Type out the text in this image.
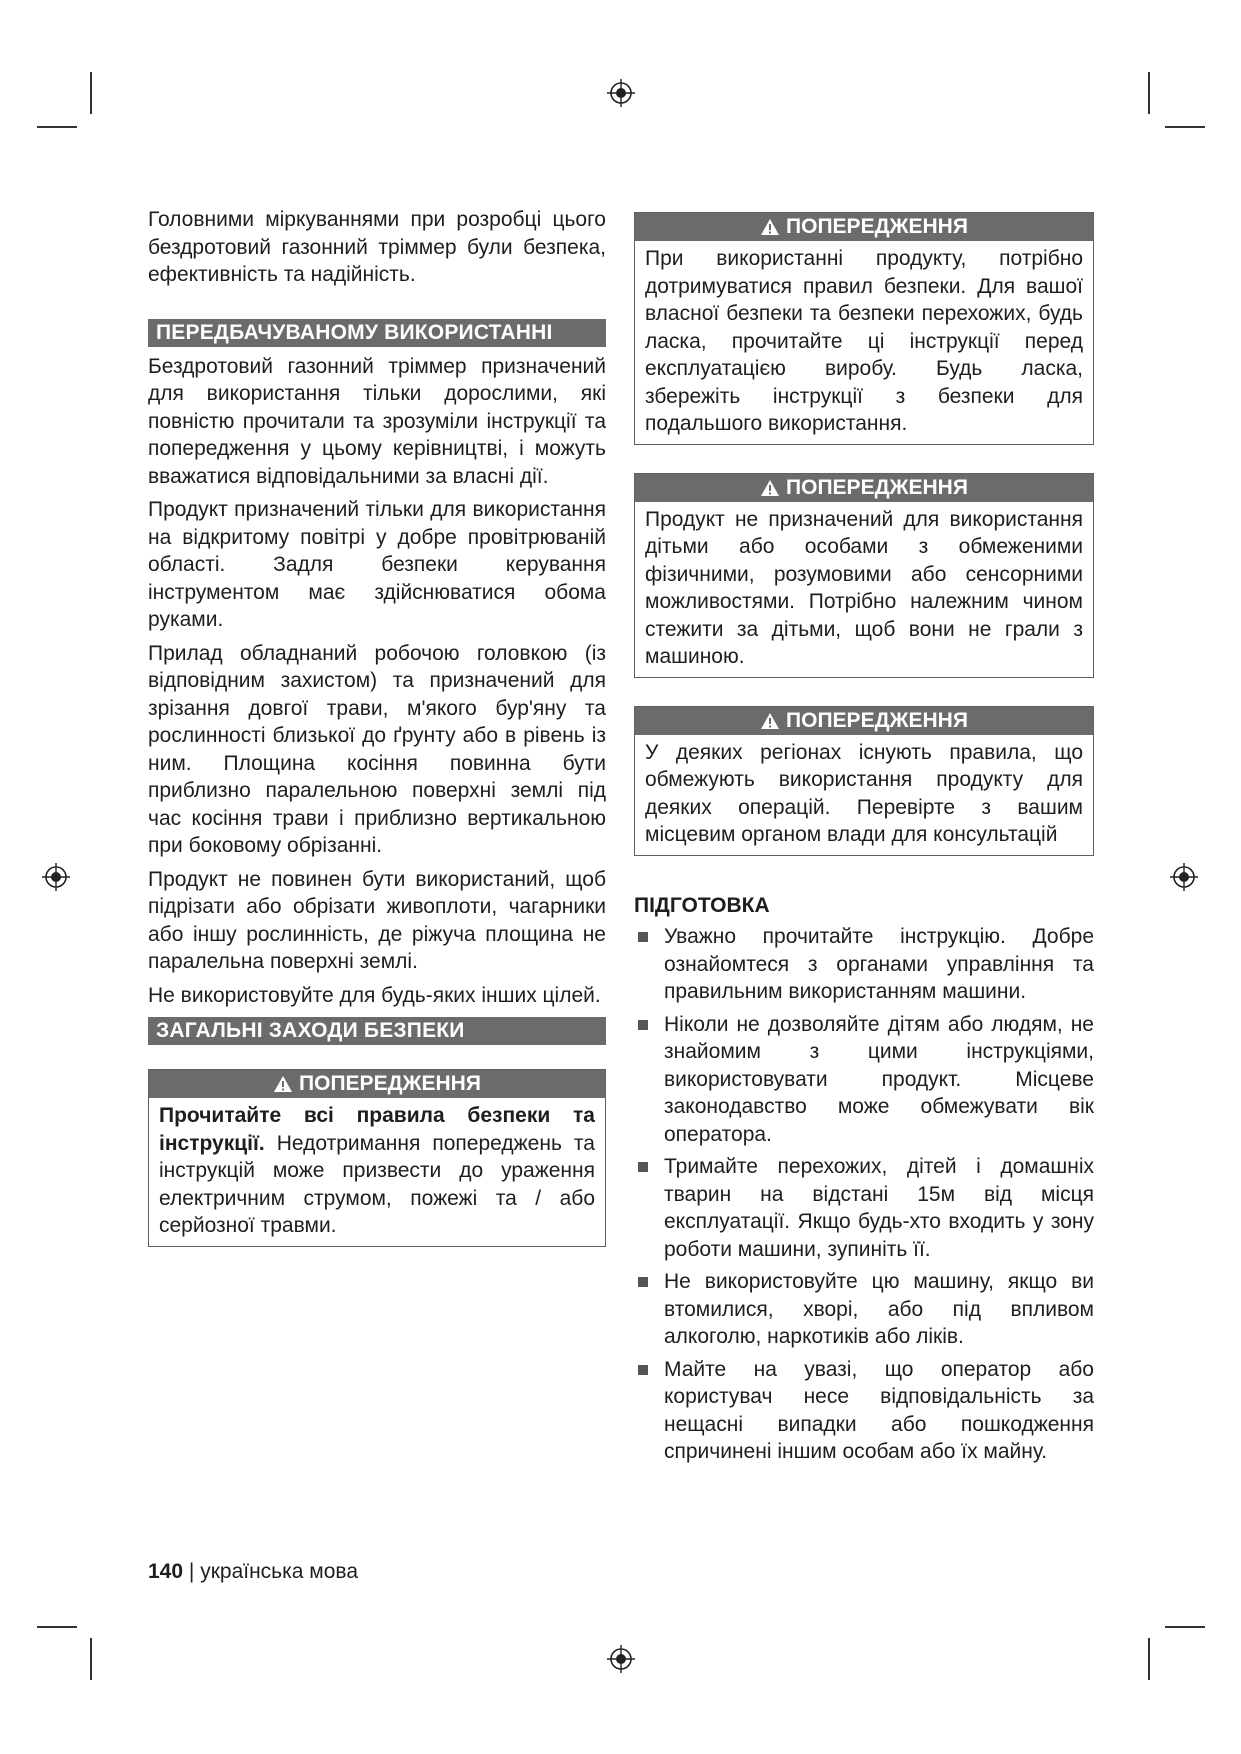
Головними міркуваннями при розробці цього бездротовий газонний тріммер були безпека, ефективність та надійність.

ПЕРЕДБАЧУВАНОМУ ВИКОРИСТАННІ

Бездротовий газонний тріммер призначений для використання тільки дорослими, які повністю прочитали та зрозуміли інструкції та попередження у цьому керівництві, і можуть вважатися відповідальними за власні дії.

Продукт призначений тільки для використання на відкритому повітрі у добре провітрюваній області. Задля безпеки керування інструментом має здійснюватися обома руками.

Прилад обладнаний робочою головкою (із відповідним захистом) та призначений для зрізання довгої трави, м'якого бур'яну та рослинності близької до ґрунту або в рівень із ним. Площина косіння повинна бути приблизно паралельною поверхні землі під час косіння трави і приблизно вертикальною при боковому обрізанні.

Продукт не повинен бути використаний, щоб підрізати або обрізати живоплоти, чагарники або іншу рослинність, де ріжуча площина не паралельна поверхні землі.

Не використовуйте для будь-яких інших цілей.

ЗАГАЛЬНІ ЗАХОДИ БЕЗПЕКИ
ПОПЕРЕДЖЕННЯ
Прочитайте всі правила безпеки та інструкції. Недотримання попереджень та інструкцій може призвести до ураження електричним струмом, пожежі та / або серйозної травми.
ПОПЕРЕДЖЕННЯ
При використанні продукту, потрібно дотримуватися правил безпеки. Для вашої власної безпеки та безпеки перехожих, будь ласка, прочитайте ці інструкції перед експлуатацією виробу. Будь ласка, збережіть інструкції з безпеки для подальшого використання.
ПОПЕРЕДЖЕННЯ
Продукт не призначений для використання дітьми або особами з обмеженими фізичними, розумовими або сенсорними можливостями. Потрібно належним чином стежити за дітьми, щоб вони не грали з машиною.
ПОПЕРЕДЖЕННЯ
У деяких регіонах існують правила, що обмежують використання продукту для деяких операцій. Перевірте з вашим місцевим органом влади для консультацій
ПІДГОТОВКА
Уважно прочитайте інструкцію. Добре ознайомтеся з органами управління та правильним використанням машини.
Ніколи не дозволяйте дітям або людям, не знайомим з цими інструкціями, використовувати продукт. Місцеве законодавство може обмежувати вік оператора.
Тримайте перехожих, дітей і домашніх тварин на відстані 15м від місця експлуатації. Якщо будь-хто входить у зону роботи машини, зупиніть її.
Не використовуйте цю машину, якщо ви втомилися, хворі, або під впливом алкоголю, наркотиків або ліків.
Майте на увазі, що оператор або користувач несе відповідальність за нещасні випадки або пошкодження спричинені іншим особам або їх майну.
140 | українська мова
